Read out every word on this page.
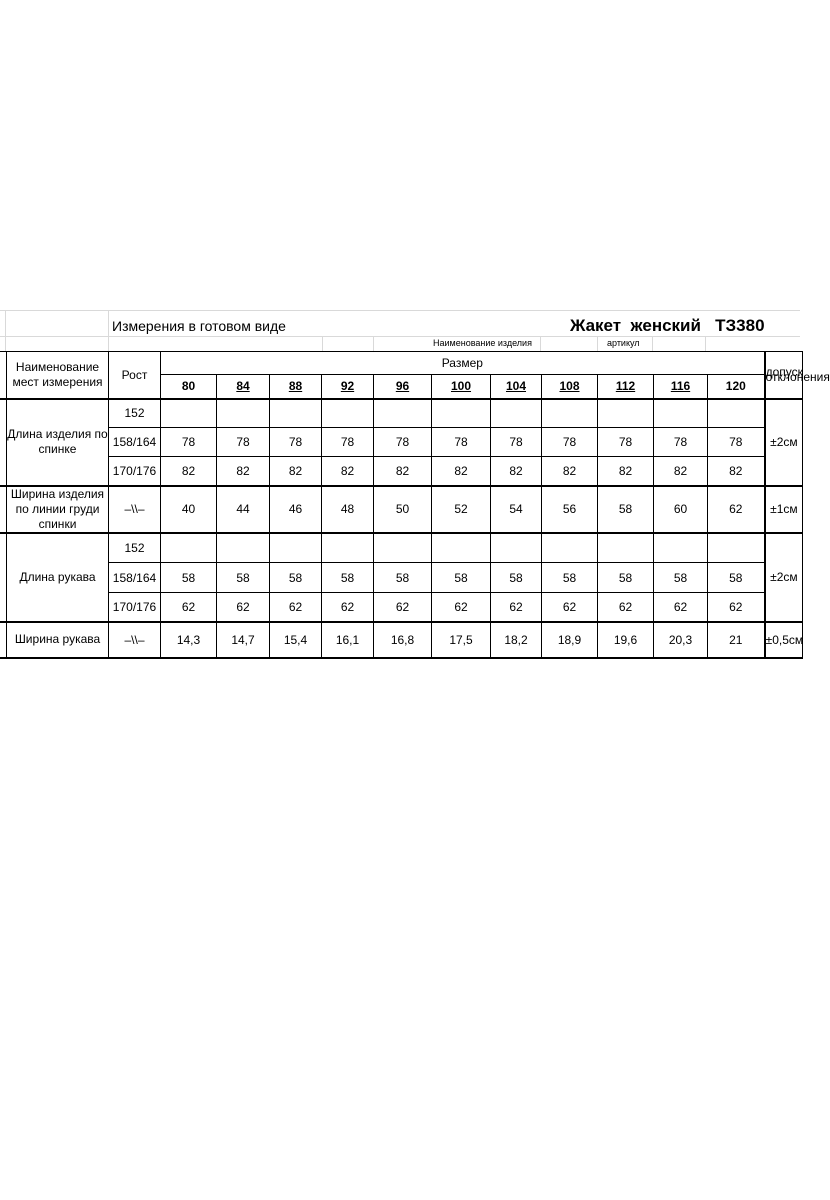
Измерения в готовом виде	Жакет  женский   ТЗ380
Наименование изделия	артикул
	Наименование мест измерения	Рост	Размер											допуск отклонения
			80	84	88	92	96	100	104	108	112	116	120	
	Длина изделия по спинке	152												±2см
		158/164	78	78	78	78	78	78	78	78	78	78	78	
		170/176	82	82	82	82	82	82	82	82	82	82	82	
	Ширина изделия по линии груди спинки	–\\–	40	44	46	48	50	52	54	56	58	60	62	±1см
	Длина рукава	152												±2см
		158/164	58	58	58	58	58	58	58	58	58	58	58	
		170/176	62	62	62	62	62	62	62	62	62	62	62	
	Ширина рукава	–\\–	14,3	14,7	15,4	16,1	16,8	17,5	18,2	18,9	19,6	20,3	21	±0,5см
